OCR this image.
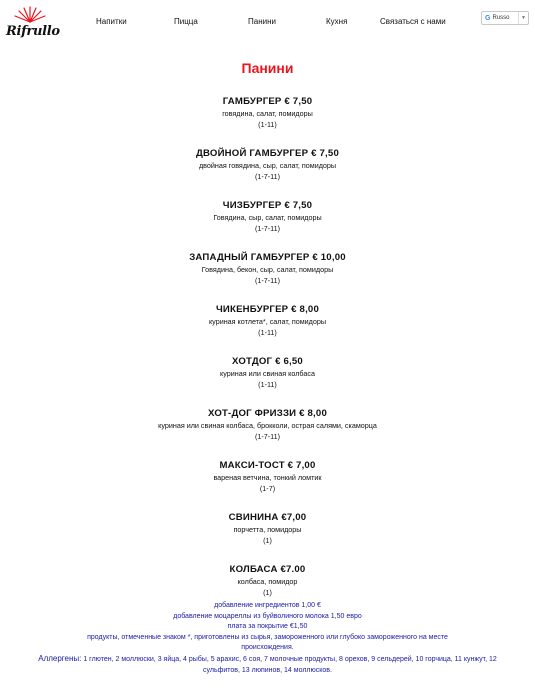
Rifrullo
Напитки	Пицца	Панини	Кухня	Связаться с нами	G Russo	▼
Панини
ГАМБУРГЕР € 7,50
говядина, салат, помидоры
(1-11)
ДВОЙНОЙ ГАМБУРГЕР € 7,50
двойная говядина, сыр, салат, помидоры
(1-7-11)
ЧИЗБУРГЕР € 7,50
Говядина, сыр, салат, помидоры
(1-7-11)
ЗАПАДНЫЙ ГАМБУРГЕР € 10,00
Говядина, бекон, сыр, салат, помидоры
(1-7-11)
ЧИКЕНБУРГЕР € 8,00
куриная котлета*, салат, помидоры
(1-11)
ХОТДОГ € 6,50
куриная или свиная колбаса
(1-11)
ХОТ-ДОГ ФРИЗЗИ € 8,00
куриная или свиная колбаса, брокколи, острая салями, скаморца
(1-7-11)
МАКСИ-ТОСТ € 7,00
вареная ветчина, тонкий ломтик
(1-7)
СВИНИНА €7,00
порчетта, помидоры
(1)
КОЛБАСА €7.00
колбаса, помидор
(1)
добавление ингредиентов 1,00 €
добавление моцареллы из буйволиного молока 1,50 евро
плата за покрытие €1,50
продукты, отмеченные знаком *, приготовлены из сырья, замороженного или глубоко замороженного на месте
происхождения.
Аллергены: 1 глютен, 2 моллюски, 3 яйца, 4 рыбы, 5 арахис, 6 соя, 7 молочные продукты, 8 орехов, 9 сельдерей, 10 горчица, 11 кунжут, 12
сульфитов, 13 люпинов, 14 моллюсков.
